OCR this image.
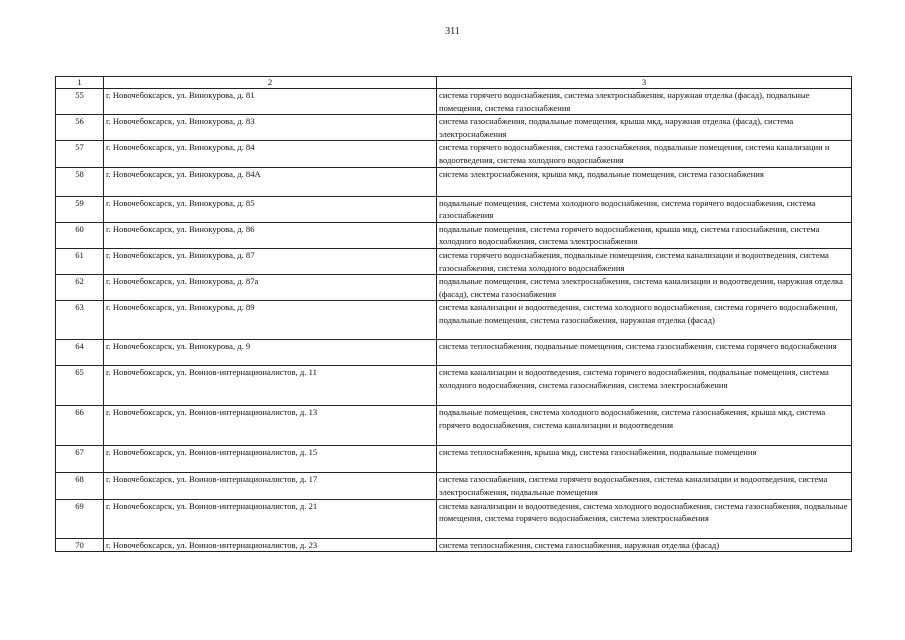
311
1	2	3
55	г. Новочебоксарск, ул. Винокурова, д. 81	система горячего водоснабжения, система электроснабжения, наружная отделка (фасад), подвальные помещения, система газоснабжения
56	г. Новочебоксарск, ул. Винокурова, д. 83	система газоснабжения, подвальные помещения, крыша мкд, наружная отделка (фасад), система электроснабжения
57	г. Новочебоксарск, ул. Винокурова, д. 84	система горячего водоснабжения, система газоснабжения, подвальные помещения, система канализации и водоотведения, система холодного водоснабжения
58	г. Новочебоксарск, ул. Винокурова, д. 84А	система электроснабжения, крыша мкд, подвальные помещения, система газоснабжения
59	г. Новочебоксарск, ул. Винокурова, д. 85	подвальные помещения, система холодного водоснабжения, система горячего водоснабжения, система газоснабжения
60	г. Новочебоксарск, ул. Винокурова, д. 86	подвальные помещения, система горячего водоснабжения, крыша мкд, система газоснабжения, система холодного водоснабжения, система электроснабжения
61	г. Новочебоксарск, ул. Винокурова, д. 87	система горячего водоснабжения, подвальные помещения, система канализации и водоотведения, система газоснабжения, система холодного водоснабжения
62	г. Новочебоксарск, ул. Винокурова, д. 87а	подвальные помещения, система электроснабжения, система канализации и водоотведения, наружная отделка (фасад), система газоснабжения
63	г. Новочебоксарск, ул. Винокурова, д. 89	система канализации и водоотведения, система холодного водоснабжения, система горячего водоснабжения, подвальные помещения, система газоснабжения, наружная отделка (фасад)
64	г. Новочебоксарск, ул. Винокурова, д. 9	система теплоснабжения, подвальные помещения, система газоснабжения, система горячего водоснабжения
65	г. Новочебоксарск, ул. Воинов-интернационалистов, д. 11	система канализации и водоотведения, система горячего водоснабжения, подвальные помещения, система холодного водоснабжения, система газоснабжения, система электроснабжения
66	г. Новочебоксарск, ул. Воинов-интернационалистов, д. 13	подвальные помещения, система холодного водоснабжения, система газоснабжения, крыша мкд, система горячего водоснабжения, система канализации и водоотведения
67	г. Новочебоксарск, ул. Воинов-интернационалистов, д. 15	система теплоснабжения, крыша мкд, система газоснабжения, подвальные помещения
68	г. Новочебоксарск, ул. Воинов-интернационалистов, д. 17	система газоснабжения, система горячего водоснабжения, система канализации и водоотведения, система электроснабжения, подвальные помещения
69	г. Новочебоксарск, ул. Воинов-интернационалистов, д. 21	система канализации и водоотведения, система холодного водоснабжения, система газоснабжения, подвальные помещения, система горячего водоснабжения, система электроснабжения
70	г. Новочебоксарск, ул. Воинов-интернационалистов, д. 23	система теплоснабжения, система газоснабжения, наружная отделка (фасад)
